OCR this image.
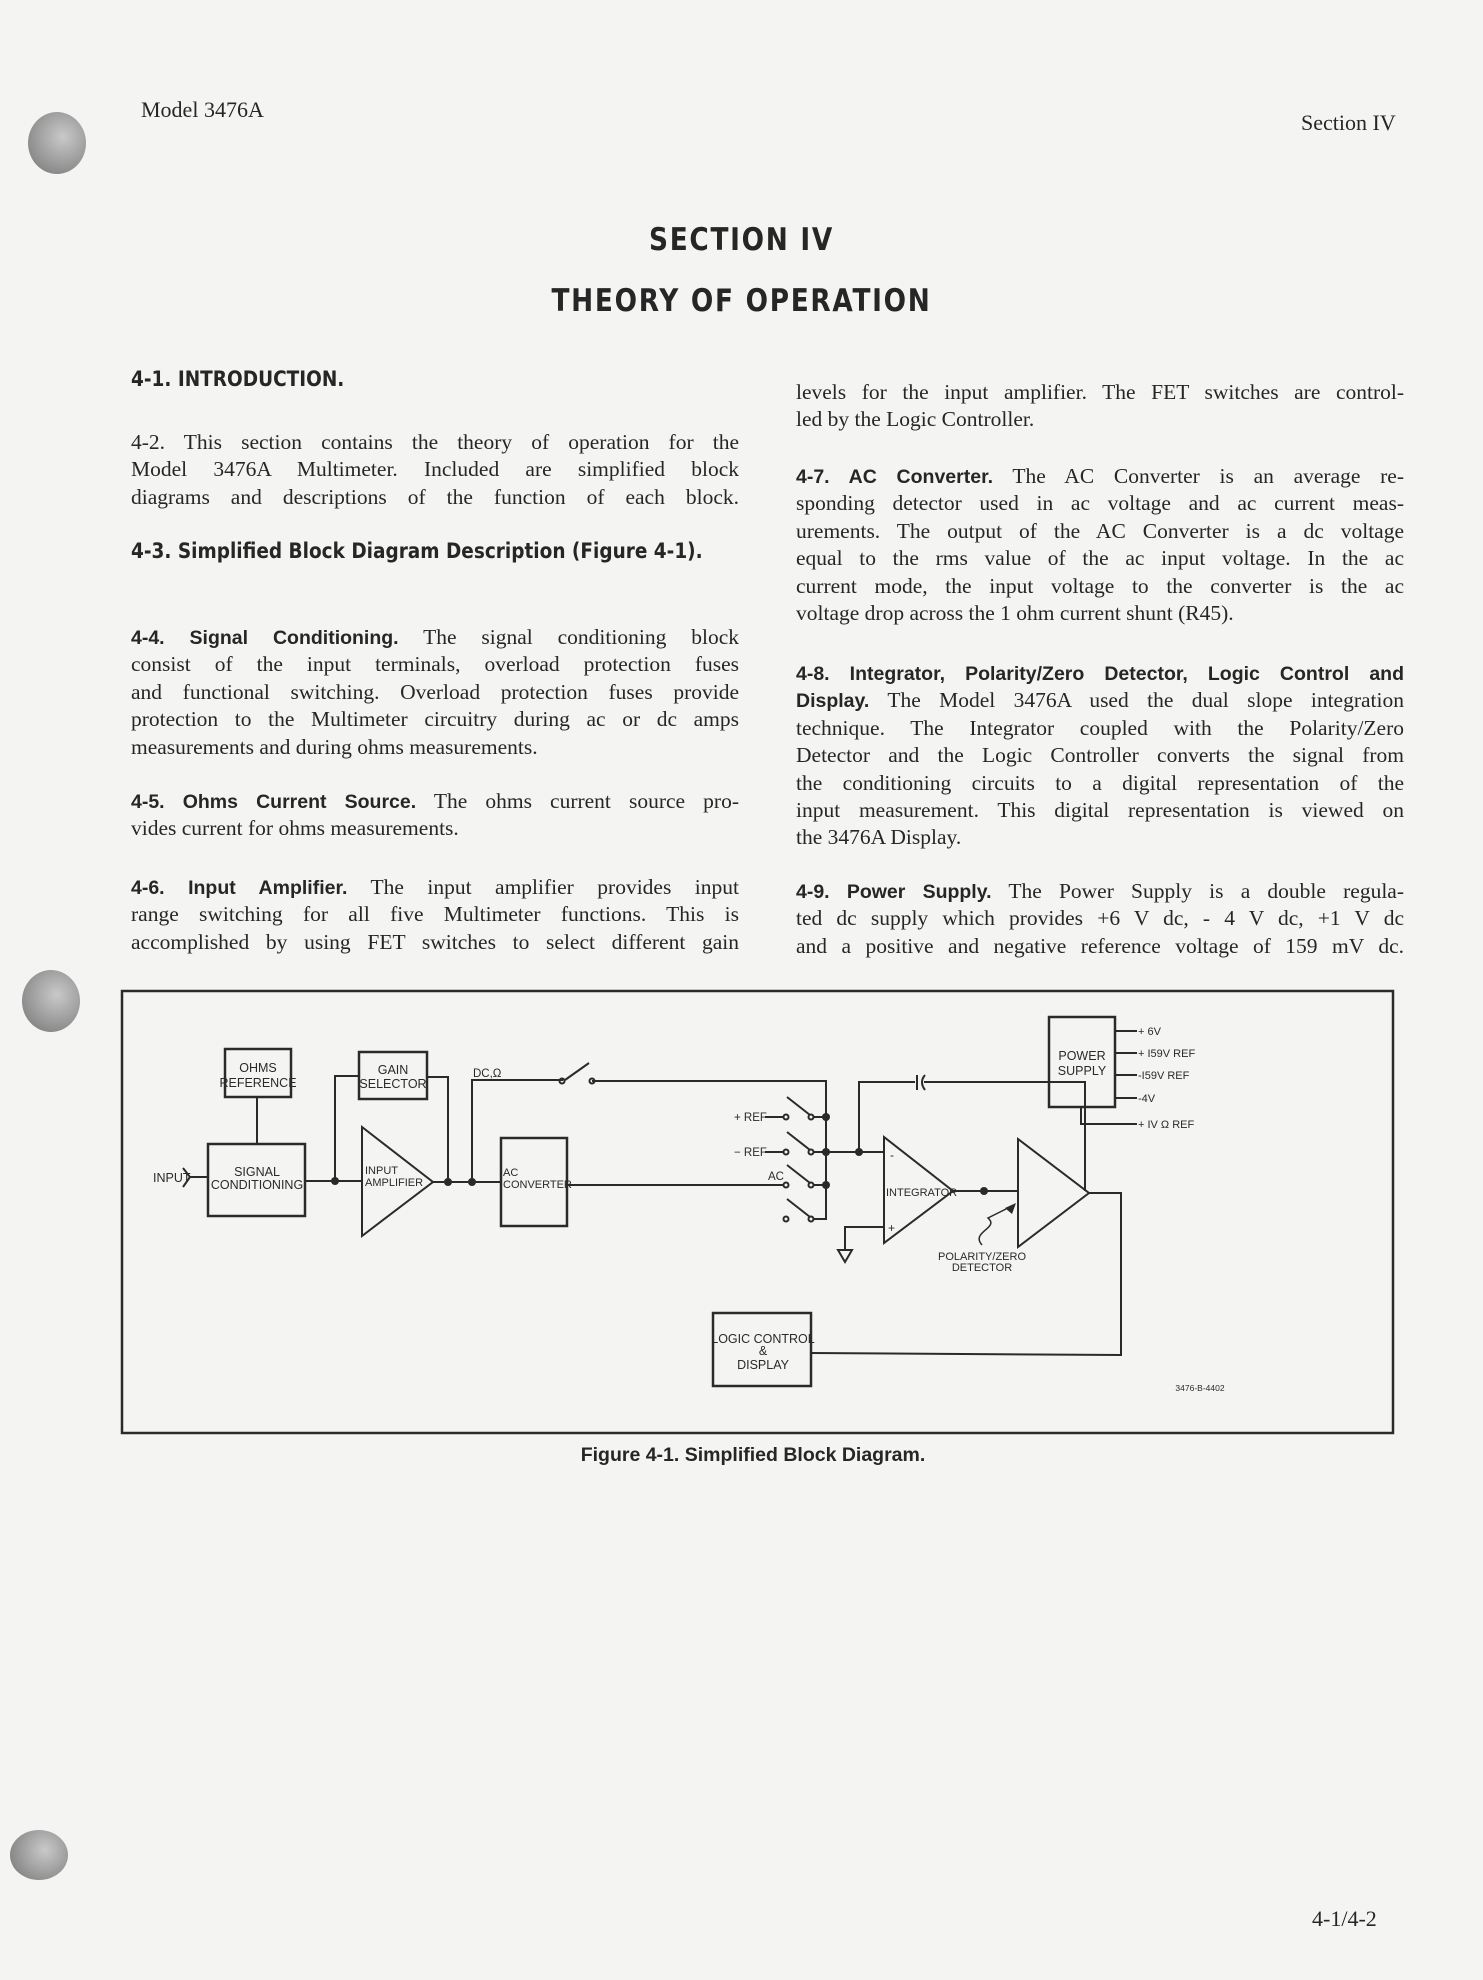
Model 3476A
Section IV
SECTION IV
THEORY OF OPERATION
4-1. INTRODUCTION.
4-2. This section contains the theory of operation for the
Model 3476A Multimeter. Included are simplified block
diagrams and descriptions of the function of each block.
4-3. Simplified Block Diagram Description (Figure 4-1).
4-4. Signal Conditioning. The signal conditioning block
consist of the input terminals, overload protection fuses
and functional switching. Overload protection fuses provide
protection to the Multimeter circuitry during ac or dc amps
measurements and during ohms measurements.
4-5. Ohms Current Source. The ohms current source pro-
vides current for ohms measurements.
4-6. Input Amplifier. The input amplifier provides input
range switching for all five Multimeter functions. This is
accomplished by using FET switches to select different gain
levels for the input amplifier. The FET switches are control-
led by the Logic Controller.
4-7. AC Converter. The AC Converter is an average re-
sponding detector used in ac voltage and ac current meas-
urements. The output of the AC Converter is a dc voltage
equal to the rms value of the ac input voltage. In the ac
current mode, the input voltage to the converter is the ac
voltage drop across the 1 ohm current shunt (R45).
4-8. Integrator, Polarity/Zero Detector, Logic Control and
Display. The Model 3476A used the dual slope integration
technique. The Integrator coupled with the Polarity/Zero
Detector and the Logic Controller converts the signal from
the conditioning circuits to a digital representation of the
input measurement. This digital representation is viewed on
the 3476A Display.
4-9. Power Supply. The Power Supply is a double regula-
ted dc supply which provides +6 V dc, - 4 V dc, +1 V dc
and a positive and negative reference voltage of 159 mV dc.
INPUT
OHMS
REFERENCE
SIGNAL
CONDITIONING
GAIN
SELECTOR
INPUT
AMPLIFIER
DC,Ω
AC
CONVERTER
+ REF
− REF
AC
INTEGRATOR
-
+
POLARITY/ZERO
DETECTOR
POWER
SUPPLY
+ 6V
+ I59V REF
-I59V REF
-4V
+ IV Ω REF
LOGIC CONTROL
&
DISPLAY
3476-B-4402
Figure 4-1. Simplified Block Diagram.
4-1/4-2
